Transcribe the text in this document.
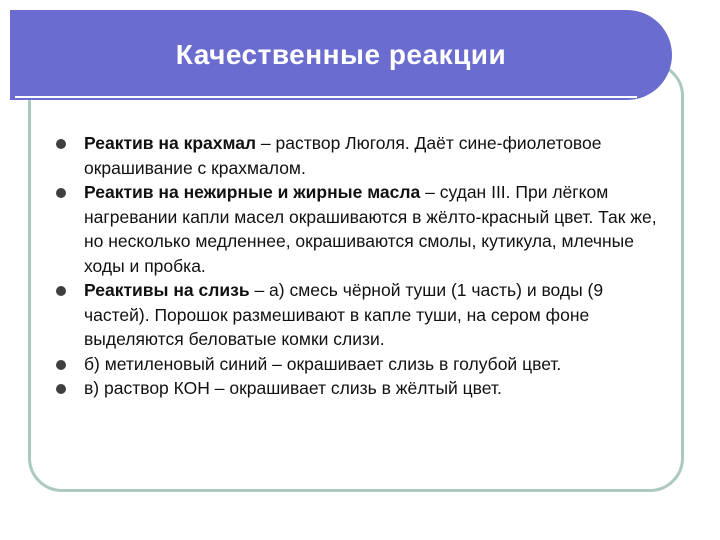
Качественные реакции
Реактив на крахмал – раствор Люголя. Даёт сине-фиолетовое окрашивание с крахмалом.
Реактив на нежирные и жирные масла – судан III. При лёгком нагревании капли масел окрашиваются в жёлто-красный цвет. Так же, но несколько медленнее, окрашиваются смолы, кутикула, млечные ходы и пробка.
Реактивы на слизь – а) смесь чёрной туши (1 часть) и воды (9 частей). Порошок размешивают в капле туши, на сером фоне выделяются беловатые комки слизи.
б) метиленовый синий – окрашивает слизь в голубой цвет.
в) раствор КОН – окрашивает слизь в жёлтый цвет.
